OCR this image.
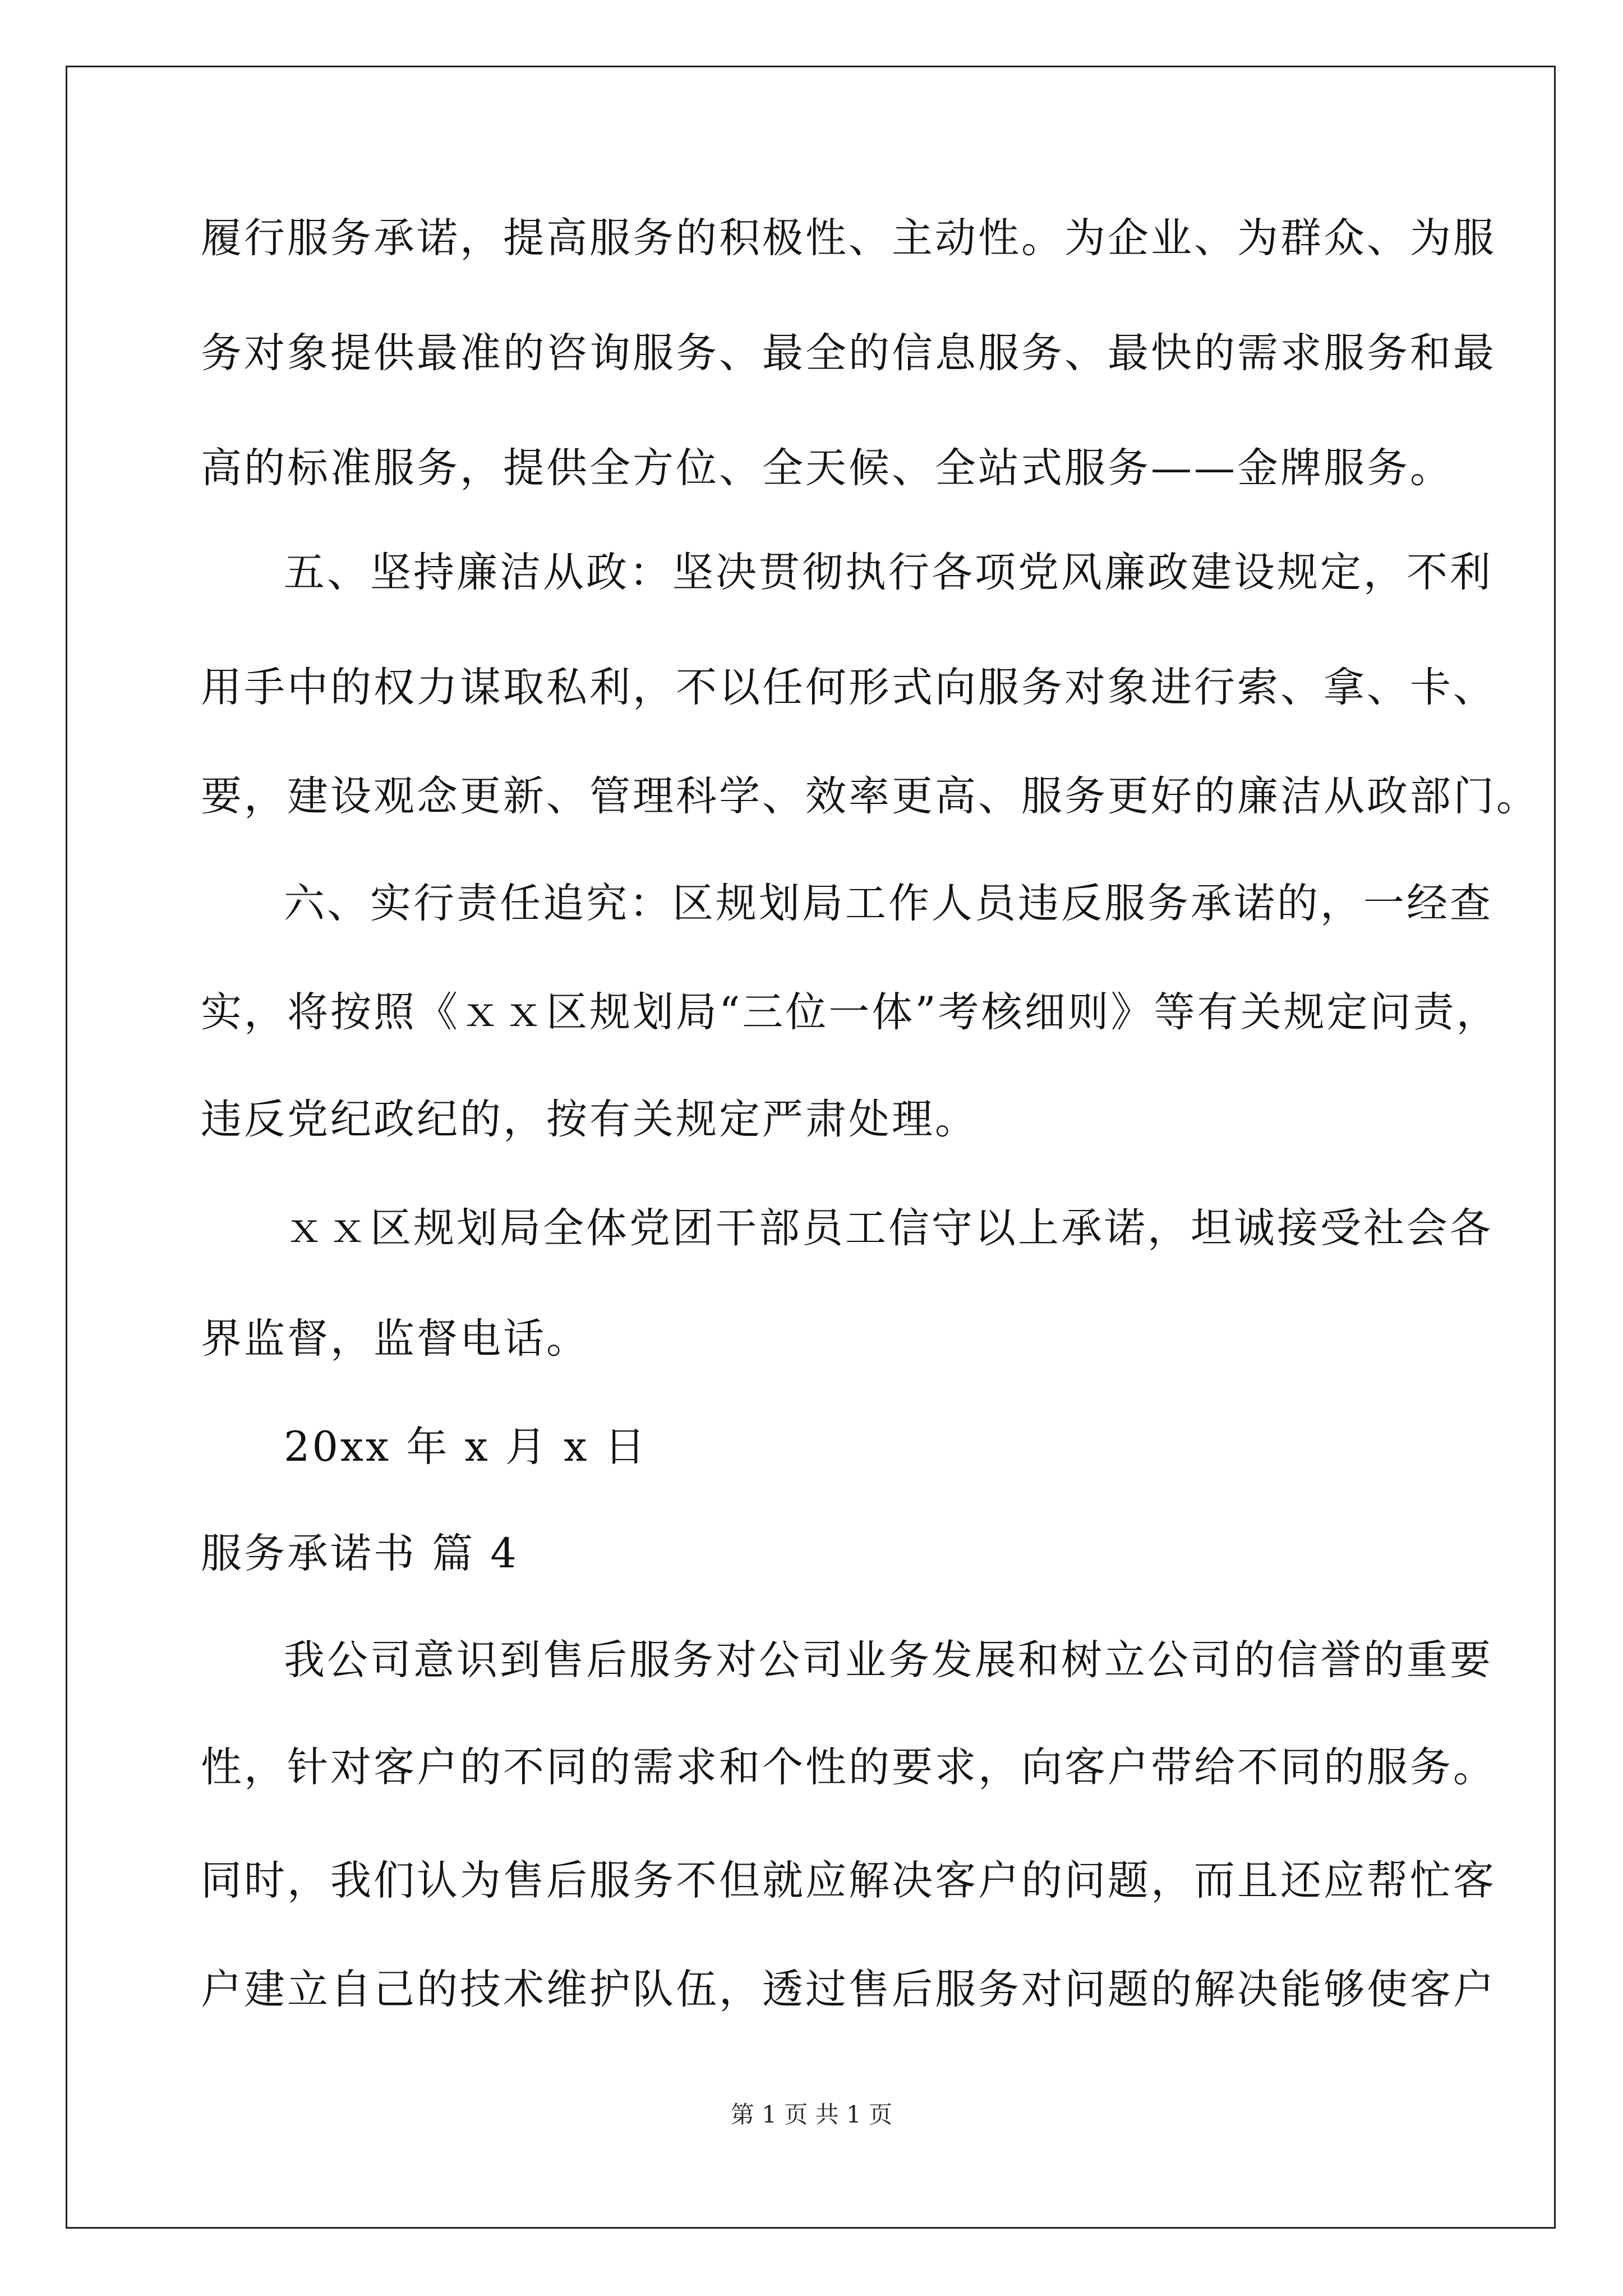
履行服务承诺，提高服务的积极性、主动性。为企业、为群众、为服
务对象提供最准的咨询服务、最全的信息服务、最快的需求服务和最
高的标准服务，提供全方位、全天候、全站式服务——金牌服务。
五、坚持廉洁从政：坚决贯彻执行各项党风廉政建设规定，不利
用手中的权力谋取私利，不以任何形式向服务对象进行索、拿、卡、
要，建设观念更新、管理科学、效率更高、服务更好的廉洁从政部门。
六、实行责任追究：区规划局工作人员违反服务承诺的，一经查
实，将按照《ｘｘ区规划局“三位一体”考核细则》等有关规定问责，
违反党纪政纪的，按有关规定严肃处理。
ｘｘ区规划局全体党团干部员工信守以上承诺，坦诚接受社会各
界监督，监督电话。
20xx 年 x 月 x 日
服务承诺书 篇 4
我公司意识到售后服务对公司业务发展和树立公司的信誉的重要
性，针对客户的不同的需求和个性的要求，向客户带给不同的服务。
同时，我们认为售后服务不但就应解决客户的问题，而且还应帮忙客
户建立自己的技术维护队伍，透过售后服务对问题的解决能够使客户
第 1 页 共 1 页
